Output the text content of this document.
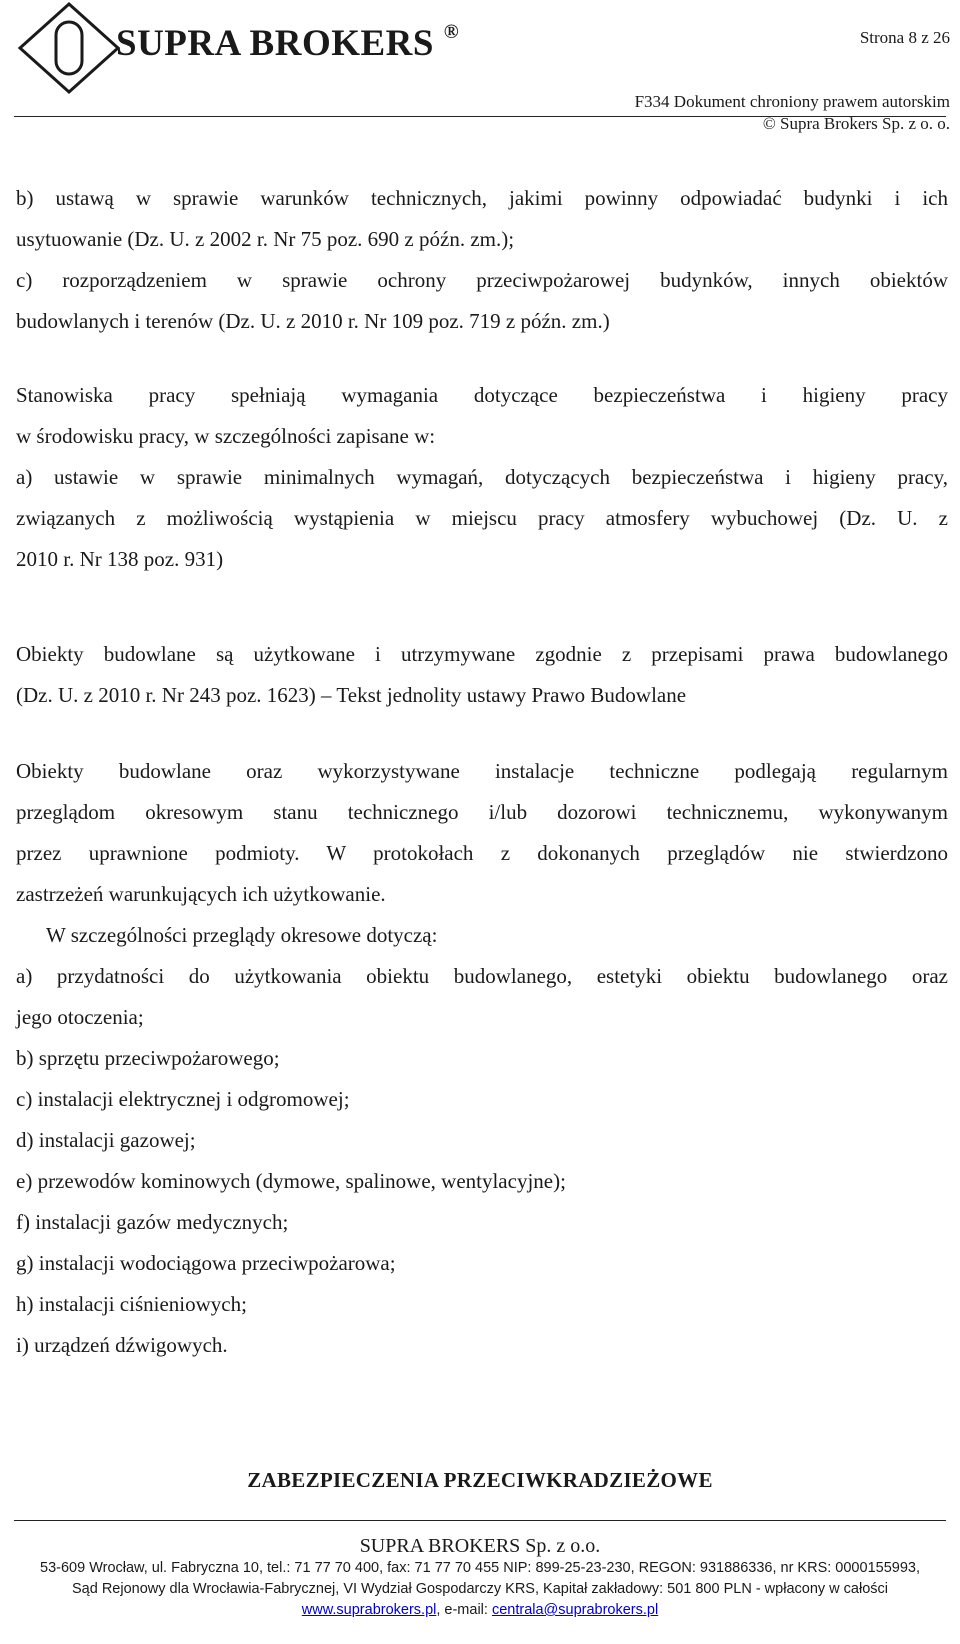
SUPRA BROKERS ®	Strona 8 z 26
F334 Dokument chroniony prawem autorskim
© Supra Brokers Sp. z o. o.

b) ustawą w sprawie warunków technicznych, jakimi powinny odpowiadać budynki i ich

usytuowanie (Dz. U. z 2002 r. Nr 75 poz. 690 z późn. zm.);

c) rozporządzeniem w sprawie ochrony przeciwpożarowej budynków, innych obiektów

budowlanych i terenów (Dz. U. z 2010 r. Nr 109 poz. 719 z późn. zm.)

Stanowiska pracy spełniają wymagania dotyczące bezpieczeństwa i higieny pracy

w środowisku pracy, w szczególności zapisane w:

a) ustawie w sprawie minimalnych wymagań, dotyczących bezpieczeństwa i higieny pracy,

związanych z możliwością wystąpienia w miejscu pracy atmosfery wybuchowej (Dz. U. z

2010 r. Nr 138 poz. 931)

Obiekty budowlane są użytkowane i utrzymywane zgodnie z przepisami prawa budowlanego

(Dz. U. z 2010 r. Nr 243 poz. 1623) – Tekst jednolity ustawy Prawo Budowlane

Obiekty budowlane oraz wykorzystywane instalacje techniczne podlegają regularnym

przeglądom okresowym stanu technicznego i/lub dozorowi technicznemu, wykonywanym

przez uprawnione podmioty. W protokołach z dokonanych przeglądów nie stwierdzono

zastrzeżeń warunkujących ich użytkowanie.

W szczególności przeglądy okresowe dotyczą:

a) przydatności do użytkowania obiektu budowlanego, estetyki obiektu budowlanego oraz

jego otoczenia;

b) sprzętu przeciwpożarowego;

c) instalacji elektrycznej i odgromowej;

d) instalacji gazowej;

e) przewodów kominowych (dymowe, spalinowe, wentylacyjne);

f) instalacji gazów medycznych;

g) instalacji wodociągowa przeciwpożarowa;

h) instalacji ciśnieniowych;

i) urządzeń dźwigowych.

ZABEZPIECZENIA PRZECIWKRADZIEŻOWE
SUPRA BROKERS Sp. z o.o.
53-609 Wrocław, ul. Fabryczna 10, tel.: 71 77 70 400, fax: 71 77 70 455 NIP: 899-25-23-230, REGON: 931886336, nr KRS: 0000155993,
Sąd Rejonowy dla Wrocławia-Fabrycznej, VI Wydział Gospodarczy KRS, Kapitał zakładowy: 501 800 PLN - wpłacony w całości
www.suprabrokers.pl, e-mail: centrala@suprabrokers.pl
